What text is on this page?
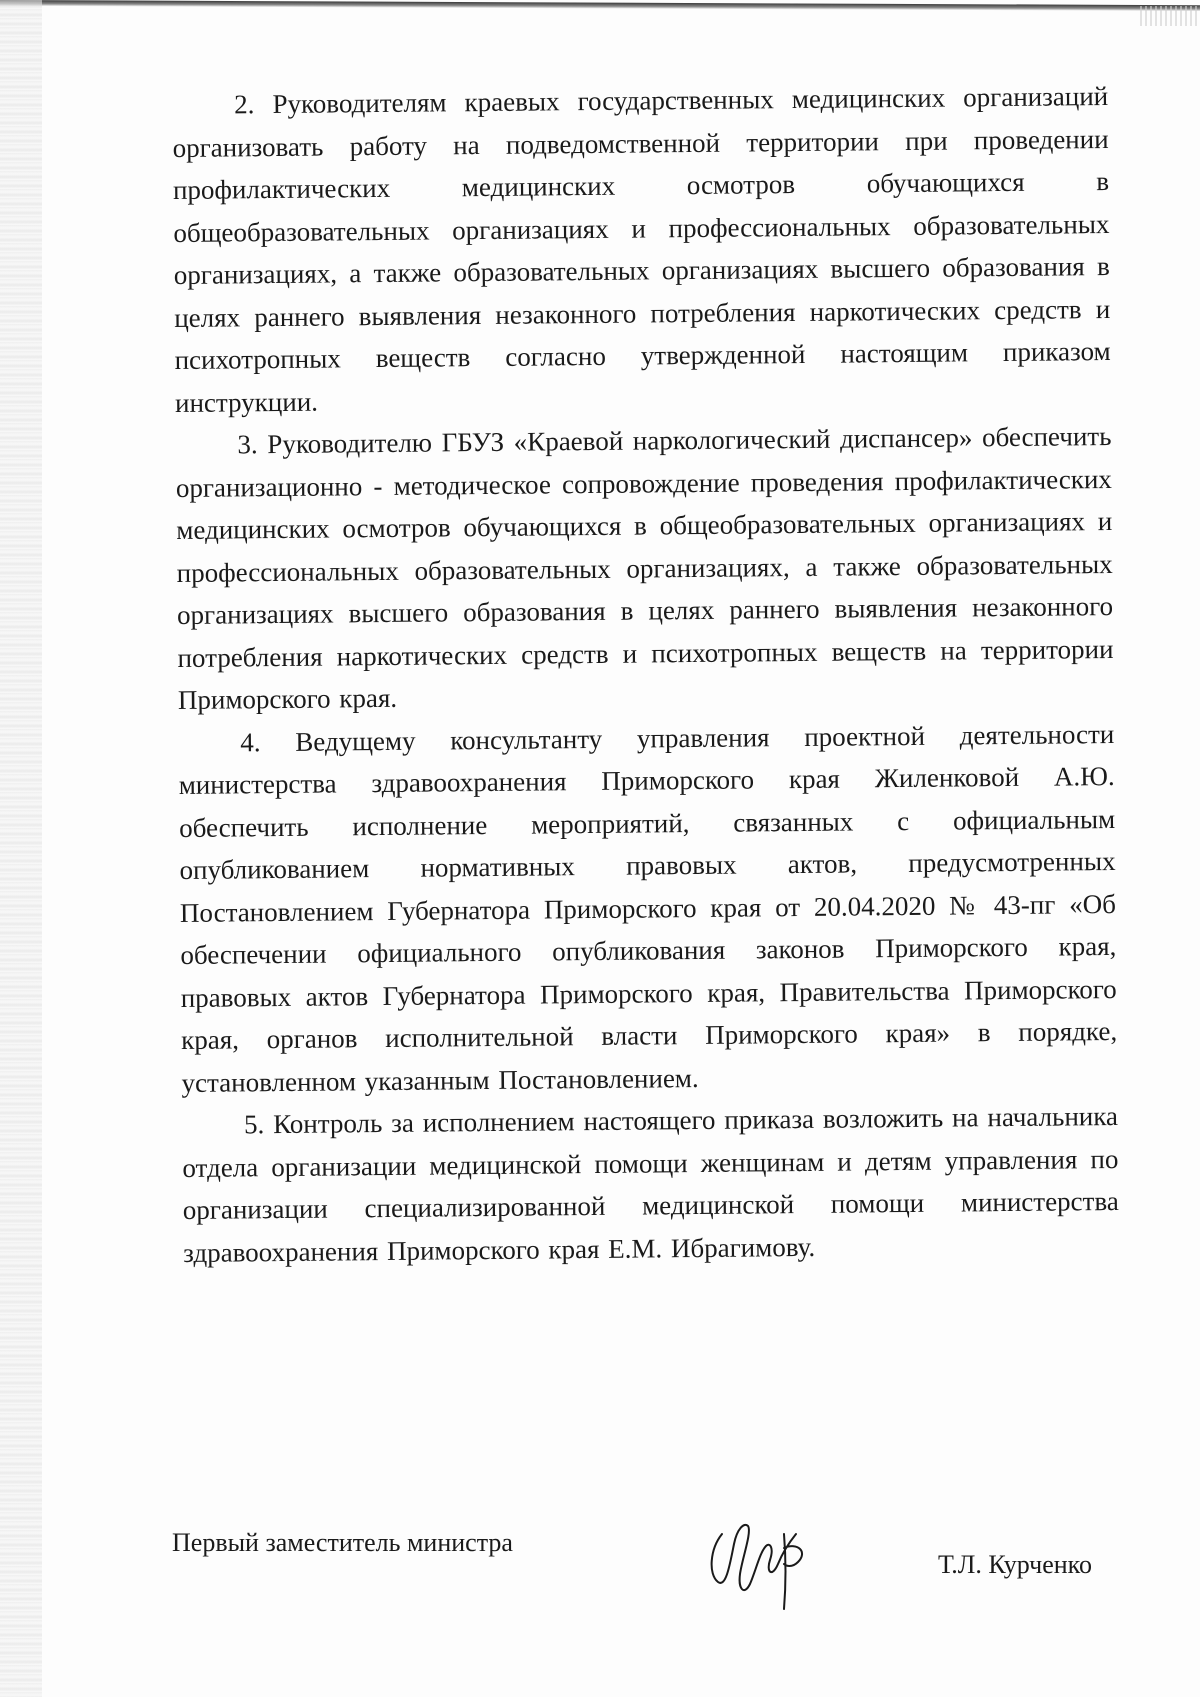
2. Руководителям краевых государственных медицинских организаций организовать работу на подведомственной территории при проведении профилактических медицинских осмотров обучающихся в общеобразовательных организациях и профессиональных образовательных организациях, а также образовательных организациях высшего образования в целях раннего выявления незаконного потребления наркотических средств и психотропных веществ согласно утвержденной настоящим приказом инструкции.

3. Руководителю ГБУЗ «Краевой наркологический диспансер» обеспечить организационно - методическое сопровождение проведения профилактических медицинских осмотров обучающихся в общеобразовательных организациях и профессиональных образовательных организациях, а также образовательных организациях высшего образования в целях раннего выявления незаконного потребления наркотических средств и психотропных веществ на территории Приморского края.

4. Ведущему консультанту управления проектной деятельности министерства здравоохранения Приморского края Жиленковой А.Ю. обеспечить исполнение мероприятий, связанных с официальным опубликованием нормативных правовых актов, предусмотренных Постановлением Губернатора Приморского края от 20.04.2020 № 43-пг «Об обеспечении официального опубликования законов Приморского края, правовых актов Губернатора Приморского края, Правительства Приморского края, органов исполнительной власти Приморского края» в порядке, установленном указанным Постановлением.

5. Контроль за исполнением настоящего приказа возложить на начальника отдела организации медицинской помощи женщинам и детям управления по организации специализированной медицинской помощи министерства здравоохранения Приморского края Е.М. Ибрагимову.

Первый заместитель министра
Т.Л. Курченко
